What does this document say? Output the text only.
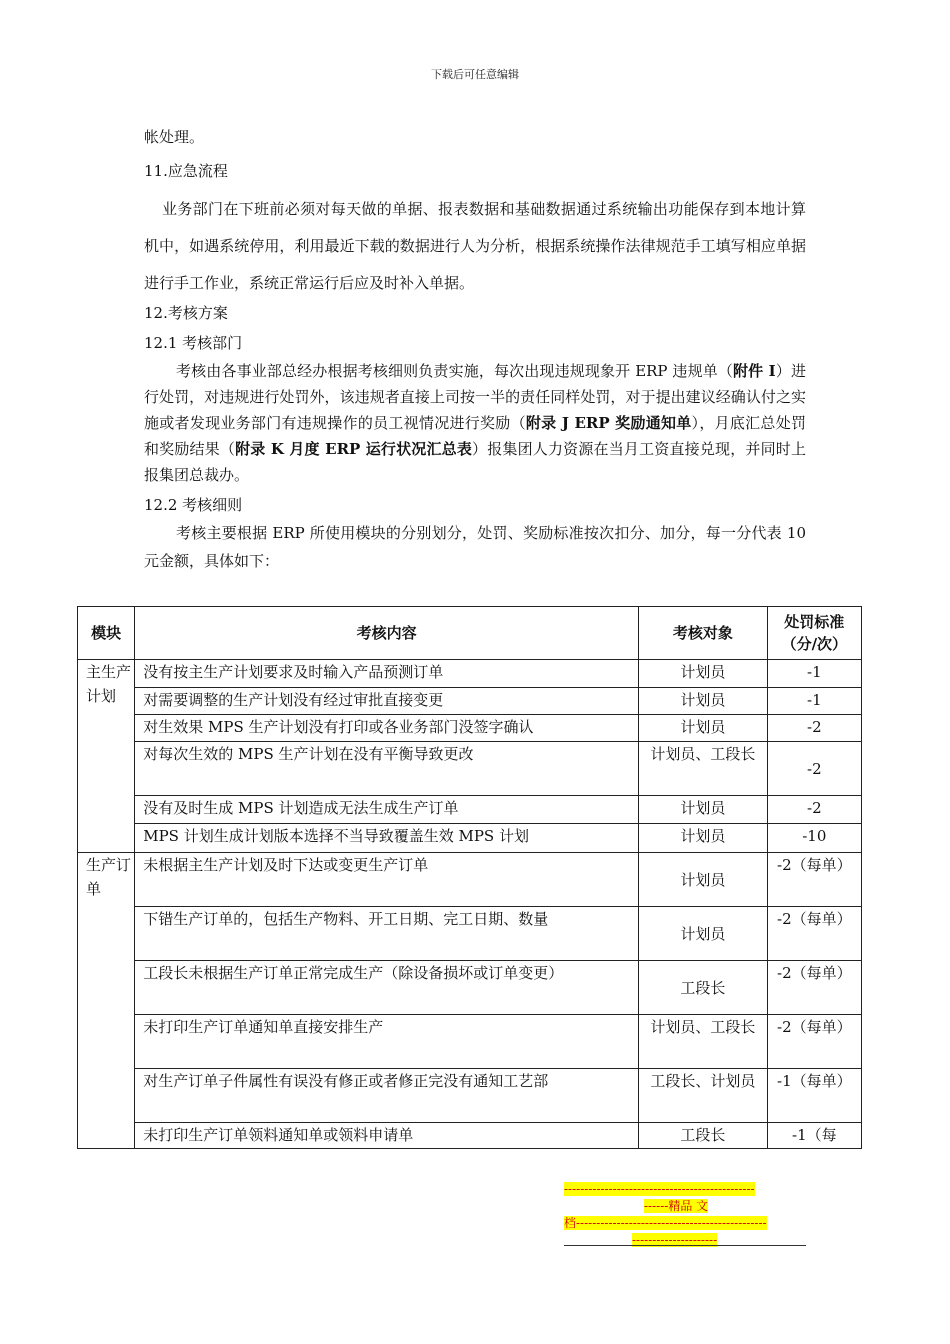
下载后可任意编辑
帐处理。
11.应急流程
业务部门在下班前必须对每天做的单据、报表数据和基础数据通过系统输出功能保存到本地计算机中，如遇系统停用，利用最近下载的数据进行人为分析，根据系统操作法律规范手工填写相应单据进行手工作业，系统正常运行后应及时补入单据。
12.考核方案
12.1 考核部门
考核由各事业部总经办根据考核细则负责实施，每次出现违规现象开 ERP 违规单（附件 I）进行处罚，对违规进行处罚外，该违规者直接上司按一半的责任同样处罚，对于提出建议经确认付之实施或者发现业务部门有违规操作的员工视情况进行奖励（附录 J ERP 奖励通知单），月底汇总处罚和奖励结果（附录 K 月度 ERP 运行状况汇总表）报集团人力资源在当月工资直接兑现，并同时上报集团总裁办。
12.2 考核细则
考核主要根据 ERP 所使用模块的分别划分，处罚、奖励标准按次扣分、加分，每一分代表 10 元金额，具体如下：
模块	考核内容	考核对象	处罚标准（分/次）
主生产计划	没有按主生产计划要求及时输入产品预测订单	计划员	-1
	对需要调整的生产计划没有经过审批直接变更	计划员	-1
	对生效果 MPS 生产计划没有打印或各业务部门没签字确认	计划员	-2
	对每次生效的 MPS 生产计划在没有平衡导致更改	计划员、工段长	-2
	没有及时生成 MPS 计划造成无法生成生产订单	计划员	-2
	MPS 计划生成计划版本选择不当导致覆盖生效 MPS 计划	计划员	-10
生产订单	未根据主生产计划及时下达或变更生产订单	计划员	-2（每单）
	下错生产订单的，包括生产物料、开工日期、完工日期、数量	计划员	-2（每单）
	工段长未根据生产订单正常完成生产（除设备损坏或订单变更）	工段长	-2（每单）
	未打印生产订单通知单直接安排生产	计划员、工段长	-2（每单）
	对生产订单子件属性有误没有修正或者修正完没有通知工艺部	工段长、计划员	-1（每单）
	未打印生产订单领料通知单或领料申请单	工段长	-1（每
-----------------------------------------------
------精品 文
档-----------------------------------------------
---------------------
